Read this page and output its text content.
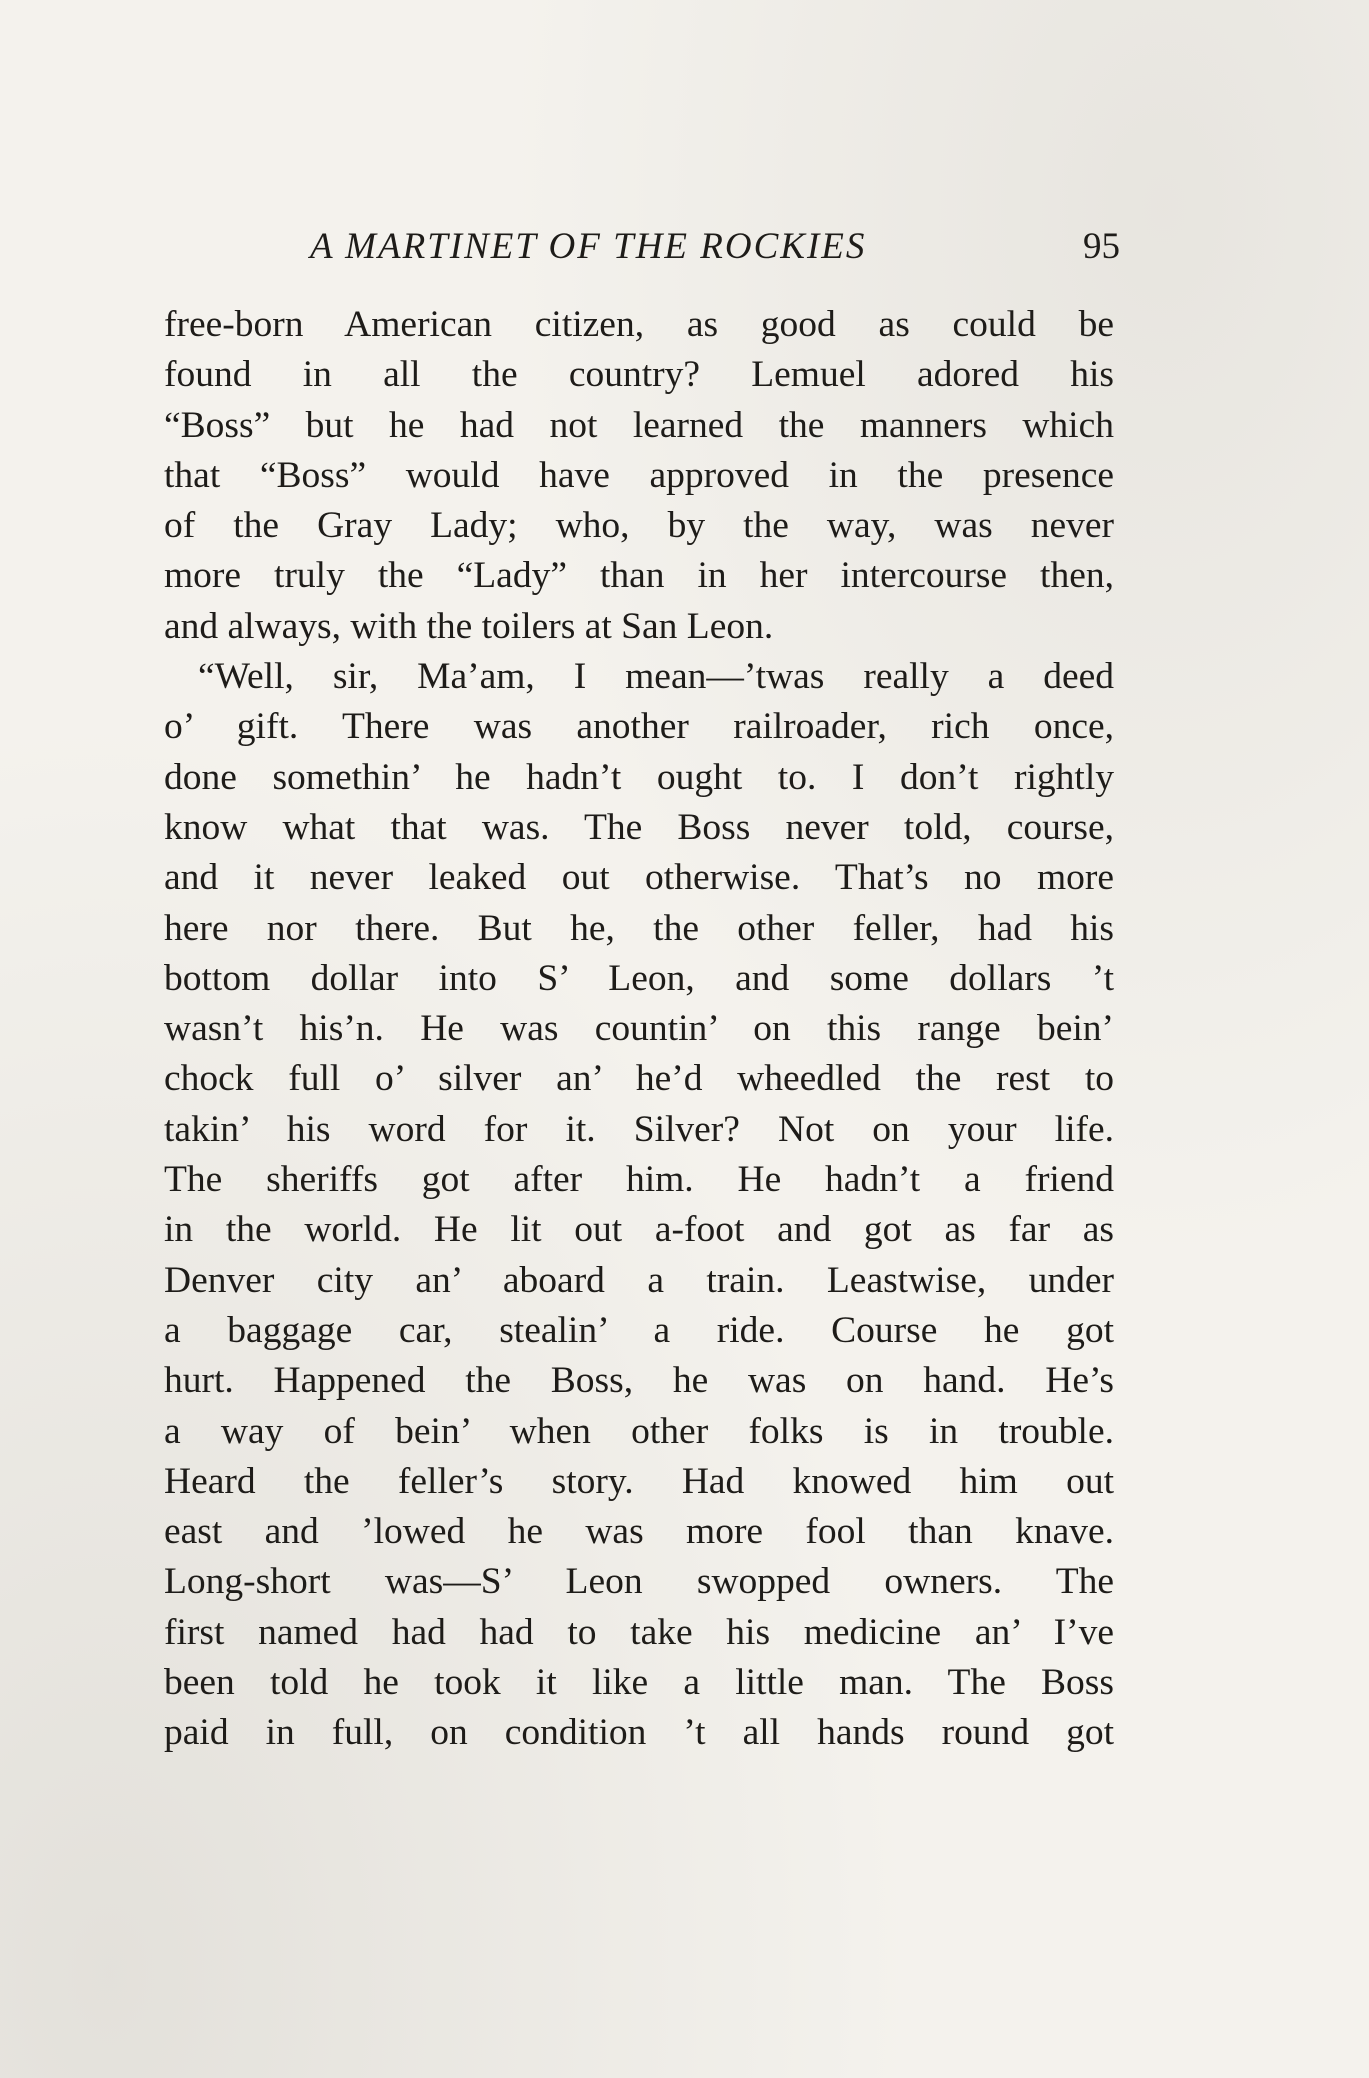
A MARTINET OF THE ROCKIES	95
free-born American citizen, as good as could be
found in all the country? Lemuel adored his
“Boss” but he had not learned the manners which
that “Boss” would have approved in the presence
of the Gray Lady; who, by the way, was never
more truly the “Lady” than in her intercourse then,
and always, with the toilers at San Leon.
“Well, sir, Ma’am, I mean—’twas really a deed
o’ gift. There was another railroader, rich once,
done somethin’ he hadn’t ought to. I don’t rightly
know what that was. The Boss never told, course,
and it never leaked out otherwise. That’s no more
here nor there. But he, the other feller, had his
bottom dollar into S’ Leon, and some dollars ’t
wasn’t his’n. He was countin’ on this range bein’
chock full o’ silver an’ he’d wheedled the rest to
takin’ his word for it. Silver? Not on your life.
The sheriffs got after him. He hadn’t a friend
in the world. He lit out a-foot and got as far as
Denver city an’ aboard a train. Leastwise, under
a baggage car, stealin’ a ride. Course he got
hurt. Happened the Boss, he was on hand. He’s
a way of bein’ when other folks is in trouble.
Heard the feller’s story. Had knowed him out
east and ’lowed he was more fool than knave.
Long-short was—S’ Leon swopped owners. The
first named had had to take his medicine an’ I’ve
been told he took it like a little man. The Boss
paid in full, on condition ’t all hands round got
